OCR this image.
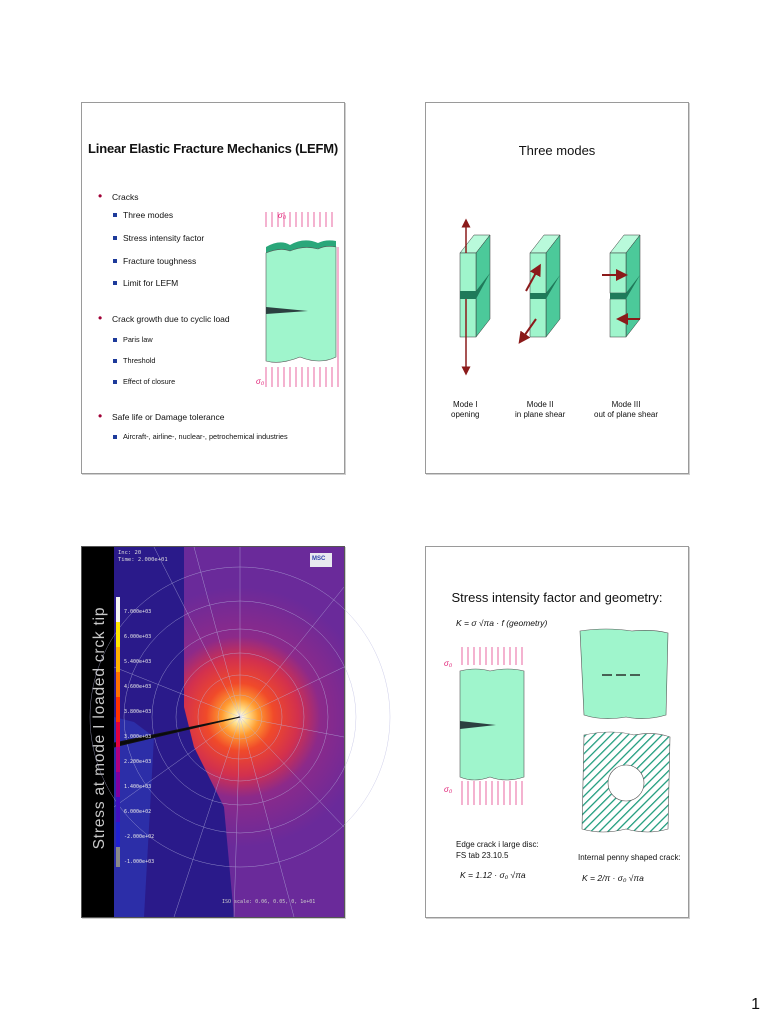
Linear Elastic Fracture Mechanics (LEFM)
Cracks
Three modes
Stress intensity factor
Fracture toughness
Limit for LEFM
Crack growth due to cyclic load
Paris law
Threshold
Effect of closure
Safe life or Damage tolerance
Aircraft-, airline-, nuclear-, petrochemical industries
σ₀
σ₀
Three modes
Mode I
opening
Mode II
in plane shear
Mode III
out of plane shear
Stress at mode I loaded crck tip
MSC
Inc: 20
Time: 2.000e+01
7.000e+03
6.000e+03
5.400e+03
4.600e+03
3.800e+03
3.000e+03
2.200e+03
1.400e+03
6.000e+02
-2.000e+02
-1.000e+03
ISO scale: 0.06, 0.05, 0, 1e+01
Stress intensity factor and geometry:
K = σ √πa · f (geometry)
σ₀
σ₀
Edge crack i large disc:
FS tab 23.10.5
K = 1.12 · σ₀ √πa
Internal penny shaped crack:
K = 2/π · σ₀ √πa
1
